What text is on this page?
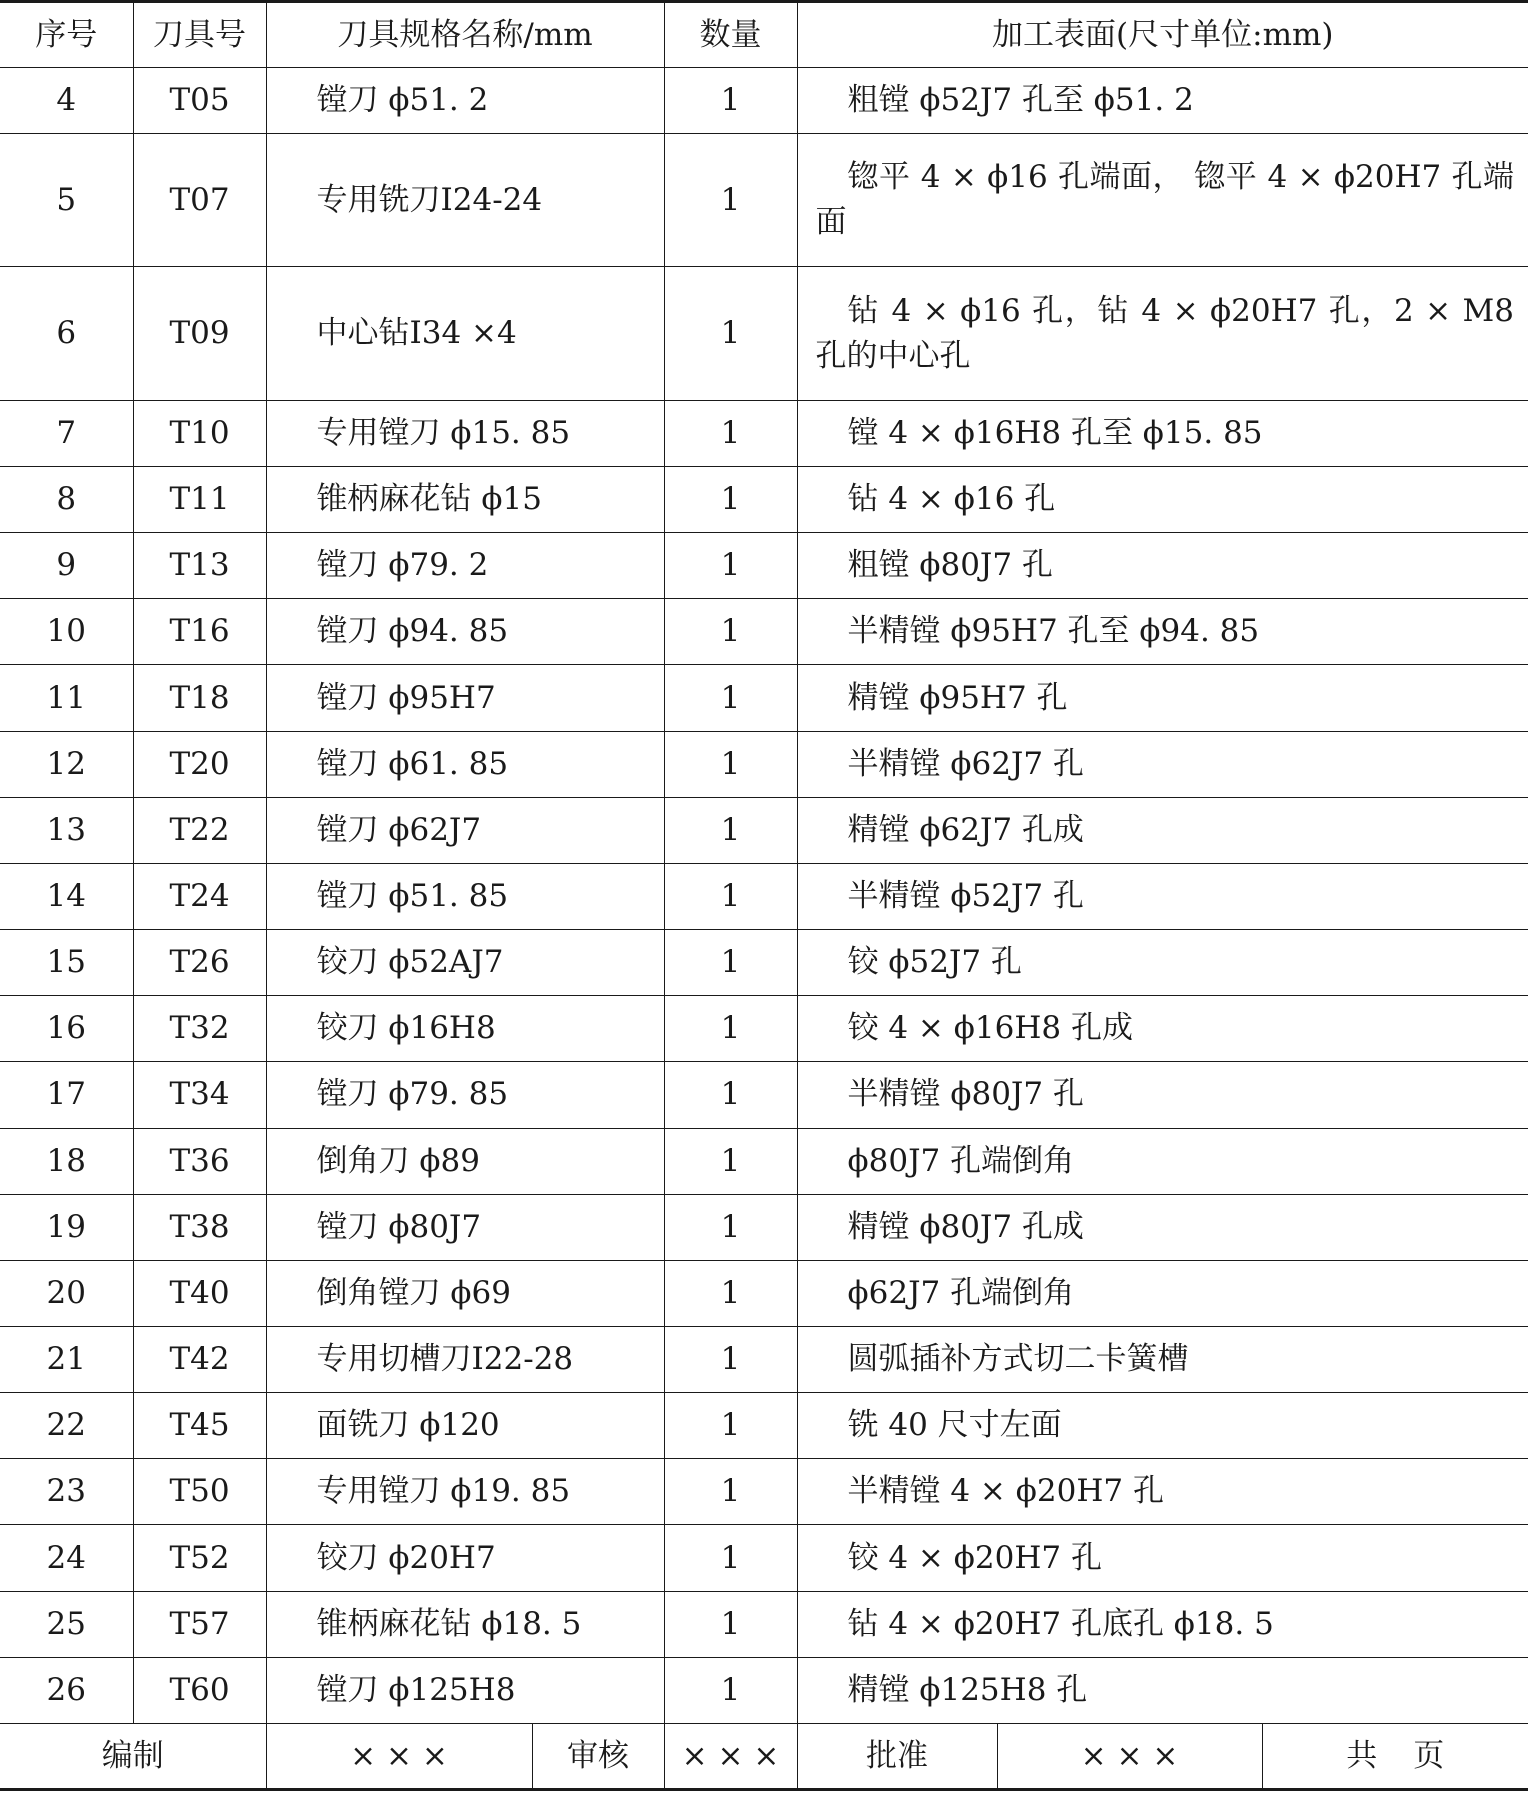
序号	刀具号	刀具规格名称/mm		数量	加工表面(尺寸单位:mm)		
4	T05	镗刀 ϕ51. 2		1	粗镗 ϕ52J7 孔至 ϕ51. 2		

5	T07	专用铣刀Ⅰ24-24		1	锪平 4 × ϕ16 孔端面， 锪平 4 × ϕ20H7 孔端面		

6	T09	中心钻Ⅰ34 ×4		1	钻 4 × ϕ16 孔，钻 4 × ϕ20H7 孔，2 × M8 孔的中心孔		

7	T10	专用镗刀 ϕ15. 85		1	镗 4 × ϕ16H8 孔至 ϕ15. 85		

8	T11	锥柄麻花钻 ϕ15		1	钻 4 × ϕ16 孔		

9	T13	镗刀 ϕ79. 2		1	粗镗 ϕ80J7 孔		

10	T16	镗刀 ϕ94. 85		1	半精镗 ϕ95H7 孔至 ϕ94. 85		

11	T18	镗刀 ϕ95H7		1	精镗 ϕ95H7 孔		

12	T20	镗刀 ϕ61. 85		1	半精镗 ϕ62J7 孔		

13	T22	镗刀 ϕ62J7		1	精镗 ϕ62J7 孔成		

14	T24	镗刀 ϕ51. 85		1	半精镗 ϕ52J7 孔		

15	T26	铰刀 ϕ52AJ7		1	铰 ϕ52J7 孔		

16	T32	铰刀 ϕ16H8		1	铰 4 × ϕ16H8 孔成		

17	T34	镗刀 ϕ79. 85		1	半精镗 ϕ80J7 孔		

18	T36	倒角刀 ϕ89		1	ϕ80J7 孔端倒角		

19	T38	镗刀 ϕ80J7		1	精镗 ϕ80J7 孔成		

20	T40	倒角镗刀 ϕ69		1	ϕ62J7 孔端倒角		

21	T42	专用切槽刀Ⅰ22-28		1	圆弧插补方式切二卡簧槽		

22	T45	面铣刀 ϕ120		1	铣 40 尺寸左面		

23	T50	专用镗刀 ϕ19. 85		1	半精镗 4 × ϕ20H7 孔		

24	T52	铰刀 ϕ20H7		1	铰 4 × ϕ20H7 孔		

25	T57	锥柄麻花钻 ϕ18. 5		1	钻 4 × ϕ20H7 孔底孔 ϕ18. 5		

26	T60	镗刀 ϕ125H8		1	精镗 ϕ125H8 孔		

编制		× × ×	审核	× × ×	批准	× × ×	共 页
